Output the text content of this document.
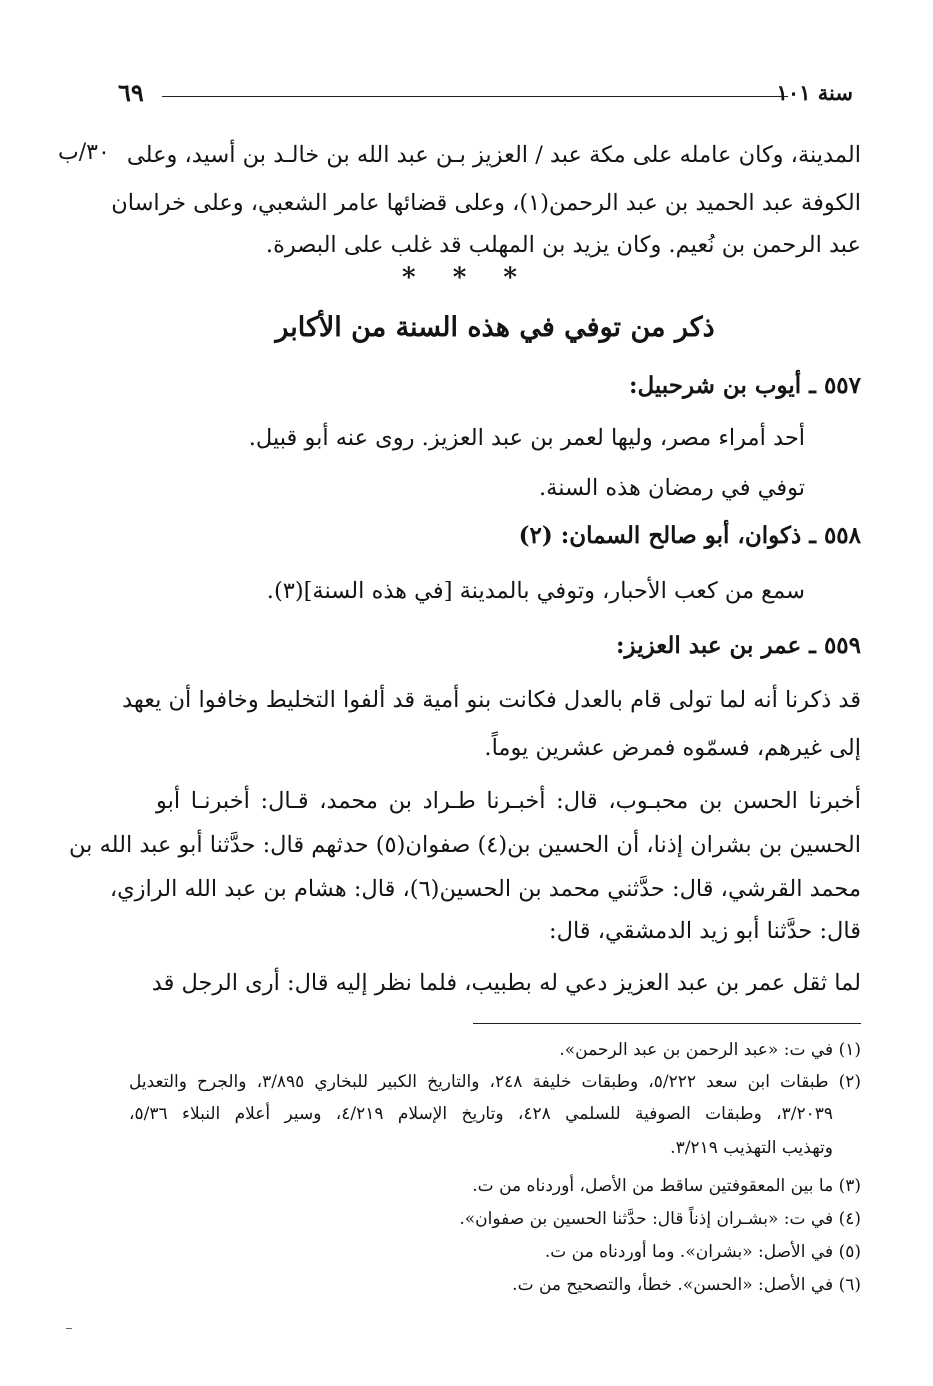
٦٩	سنة ١٠١
٣٠/ب المدينة، وكان عامله على مكة عبد / العزيز بـن عبد الله بن خالـد بن أسيد، وعلى
الكوفة عبد الحميد بن عبد الرحمن(١)، وعلى قضائها عامر الشعبي، وعلى خراسان
عبد الرحمن بن نُعيم. وكان يزيد بن المهلب قد غلب على البصرة.
* * *
ذكر من توفي في هذه السنة من الأكابر
٥٥٧ ـ أيوب بن شرحبيل:
أحد أمراء مصر، وليها لعمر بن عبد العزيز. روى عنه أبو قبيل.
توفي في رمضان هذه السنة.
٥٥٨ ـ ذكوان، أبو صالح السمان: (٢)
سمع من كعب الأحبار، وتوفي بالمدينة [في هذه السنة](٣).
٥٥٩ ـ عمر بن عبد العزيز:
قد ذكرنا أنه لما تولى قام بالعدل فكانت بنو أمية قد ألفوا التخليط وخافوا أن يعهد
إلى غيرهم، فسمّوه فمرض عشرين يوماً.
أخبرنا الحسن بن محبـوب، قال: أخبـرنا طـراد بن محمد، قـال: أخبرنـا أبو
الحسين بن بشران إذنا، أن الحسين بن(٤) صفوان(٥) حدثهم قال: حدَّثنا أبو عبد الله بن
محمد القرشي، قال: حدَّثني محمد بن الحسين(٦)، قال: هشام بن عبد الله الرازي،
قال: حدَّثنا أبو زيد الدمشقي، قال:
لما ثقل عمر بن عبد العزيز دعي له بطبيب، فلما نظر إليه قال: أرى الرجل قد
(١) في ت: «عبد الرحمن بن عبد الرحمن».
(٢) طبقات ابن سعد ٥/٢٢٢، وطبقات خليفة ٢٤٨، والتاريخ الكبير للبخاري ٣/٨٩٥، والجرح والتعديل
٣/٢٠٣٩، وطبقات الصوفية للسلمي ٤٢٨، وتاريخ الإسلام ٤/٢١٩، وسير أعلام النبلاء ٥/٣٦،
وتهذيب التهذيب ٣/٢١٩.
(٣) ما بين المعقوفتين ساقط من الأصل، أوردناه من ت.
(٤) في ت: «بشـران إذناً قال: حدَّثنا الحسين بن صفوان».
(٥) في الأصل: «بشران». وما أوردناه من ت.
(٦) في الأصل: «الحسن». خطأ، والتصحيح من ت.
